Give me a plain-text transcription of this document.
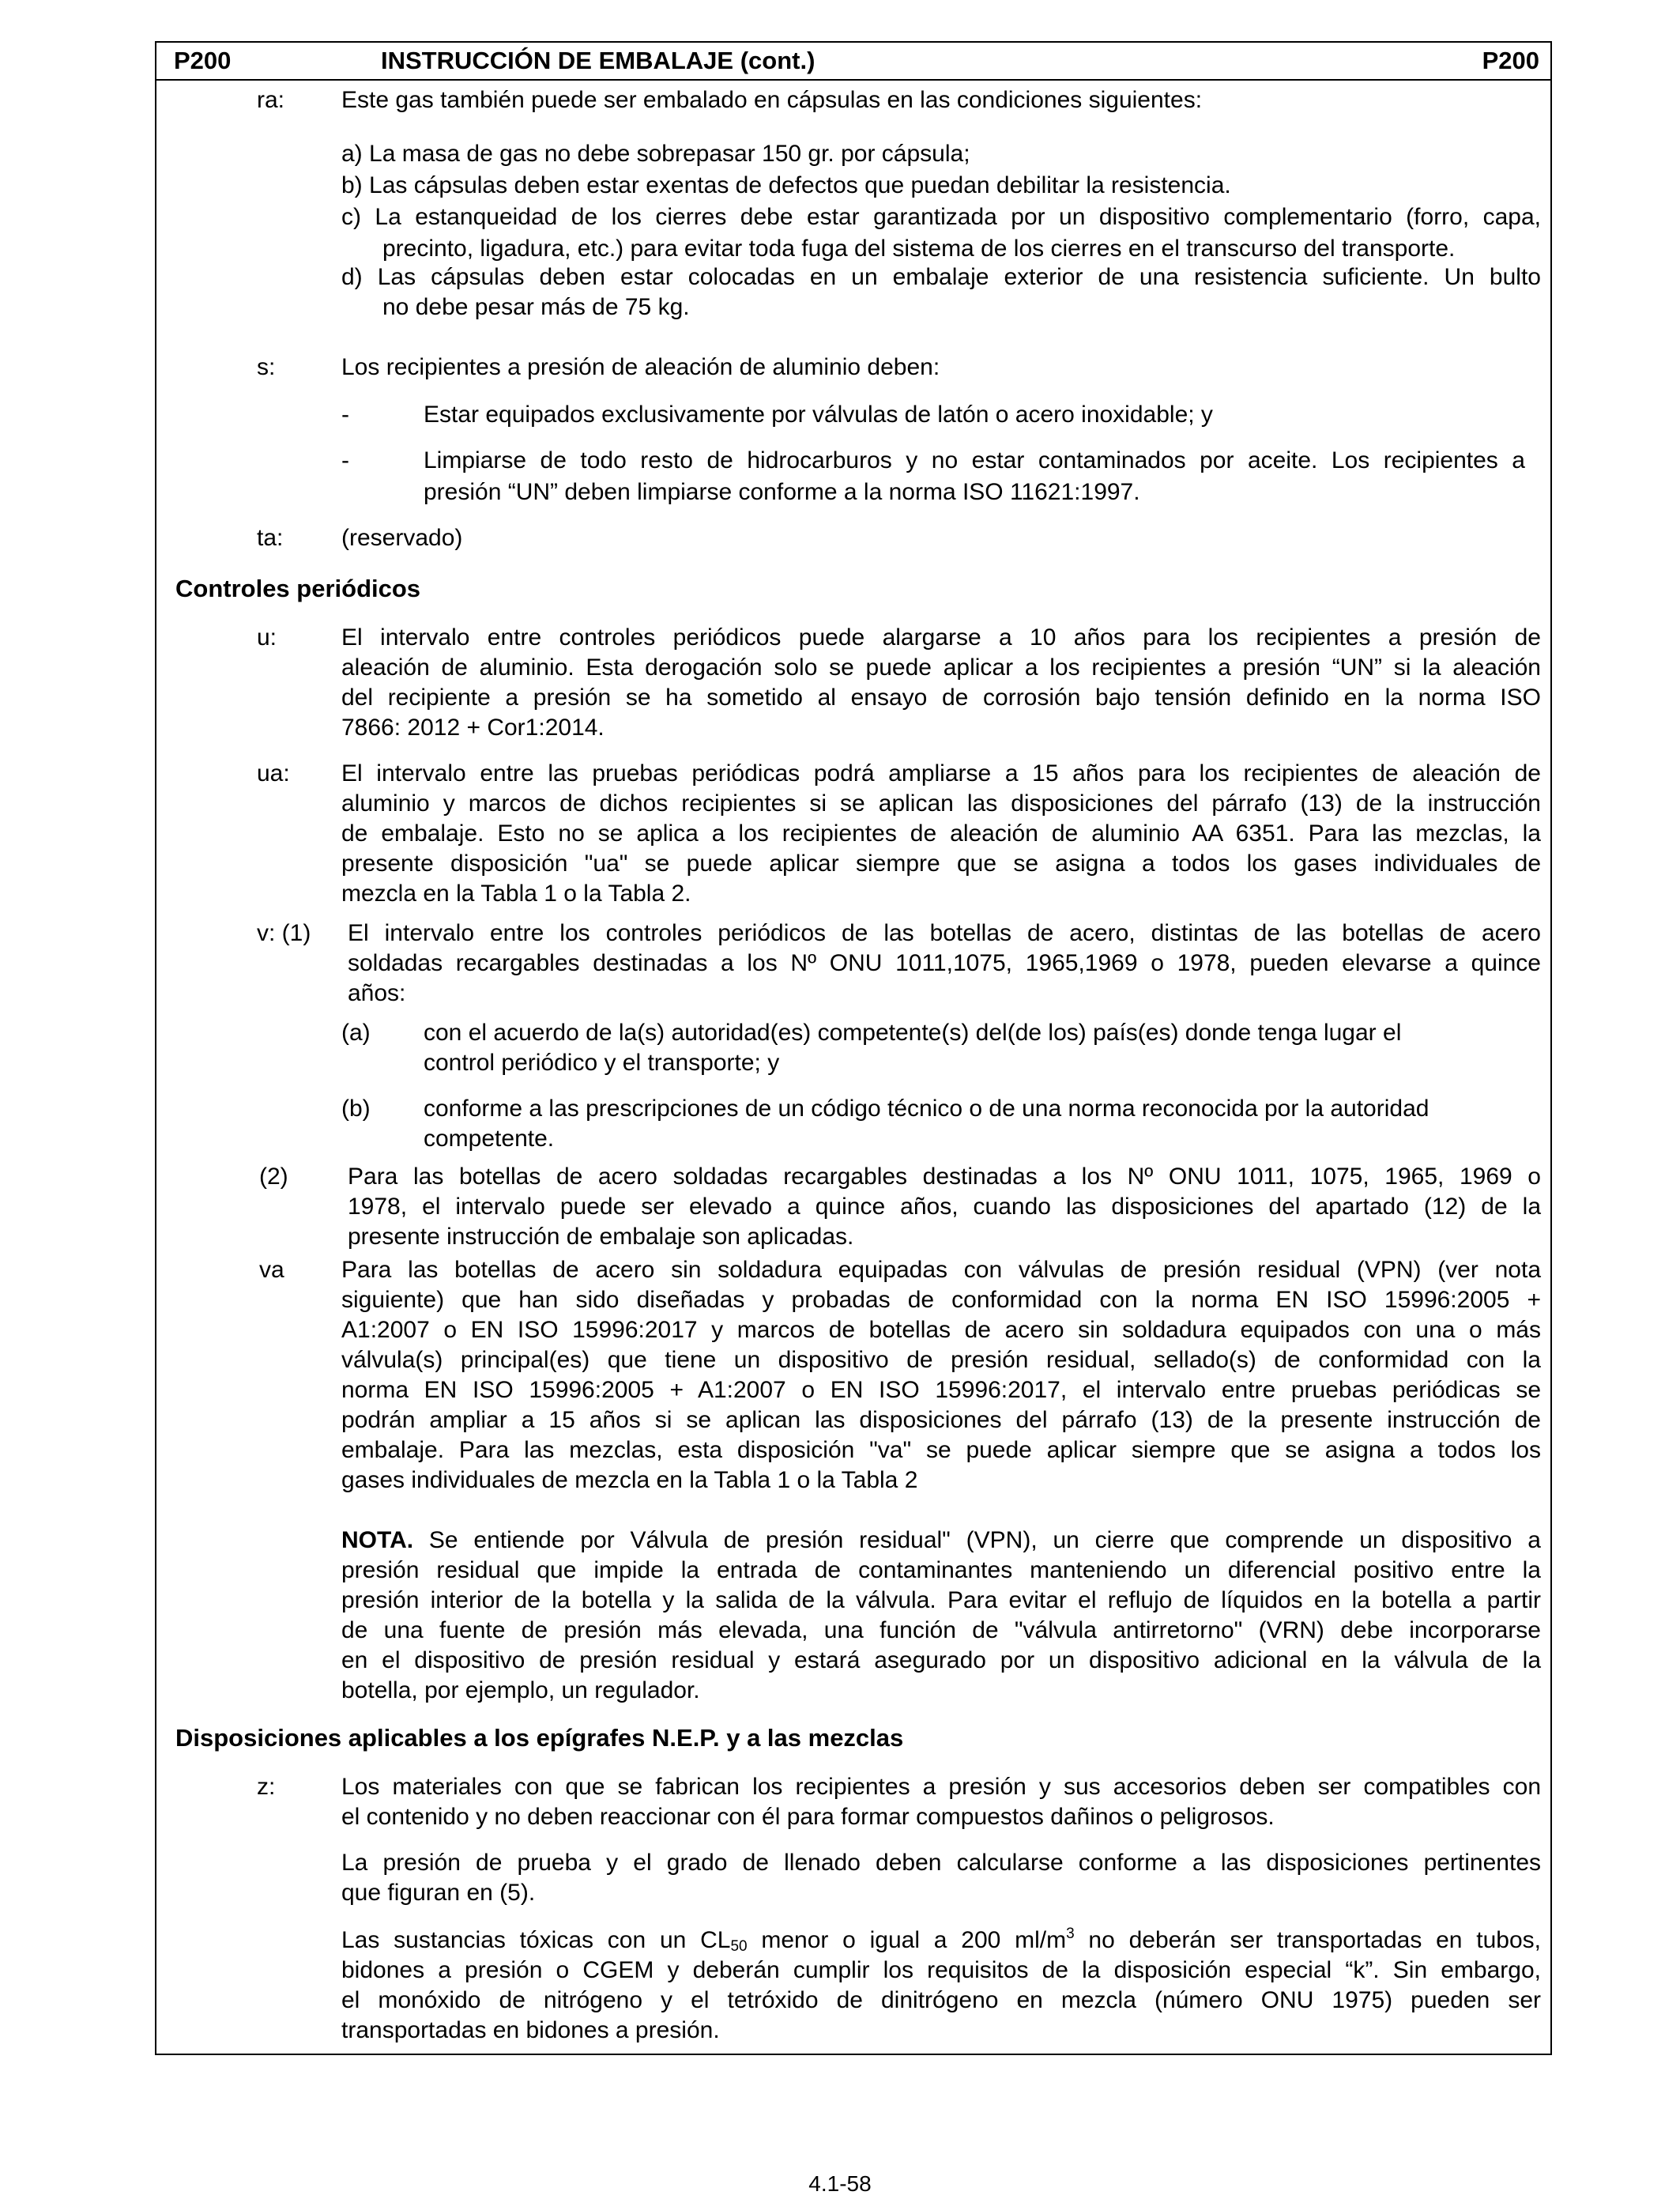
P200	INSTRUCCIÓN DE EMBALAJE (cont.)	P200
ra: Este gas también puede ser embalado en cápsulas en las condiciones siguientes:
a) La masa de gas no debe sobrepasar 150 gr. por cápsula;
b) Las cápsulas deben estar exentas de defectos que puedan debilitar la resistencia.
c) La estanqueidad de los cierres debe estar garantizada por un dispositivo complementario (forro, capa,
precinto, ligadura, etc.) para evitar toda fuga del sistema de los cierres en el transcurso del transporte.
d) Las cápsulas deben estar colocadas en un embalaje exterior de una resistencia suficiente. Un bulto
no debe pesar más de 75 kg.
s:	Los recipientes a presión de aleación de aluminio deben:
-	Estar equipados exclusivamente por válvulas de latón o acero inoxidable; y
-	Limpiarse de todo resto de hidrocarburos y no estar contaminados por aceite. Los recipientes a
presión “UN” deben limpiarse conforme a la norma ISO 11621:1997.
ta: (reservado)
Controles periódicos
u:	El intervalo entre controles periódicos puede alargarse a 10 años para los recipientes a presión de
aleación de aluminio. Esta derogación solo se puede aplicar a los recipientes a presión “UN” si la aleación
del recipiente a presión se ha sometido al ensayo de corrosión bajo tensión definido en la norma ISO
7866: 2012 + Cor1:2014.
ua: El intervalo entre las pruebas periódicas podrá ampliarse a 15 años para los recipientes de aleación de
aluminio y marcos de dichos recipientes si se aplican las disposiciones del párrafo (13) de la instrucción
de embalaje. Esto no se aplica a los recipientes de aleación de aluminio AA 6351. Para las mezclas, la
presente disposición "ua" se puede aplicar siempre que se asigna a todos los gases individuales de
mezcla en la Tabla 1 o la Tabla 2.
v: (1) El intervalo entre los controles periódicos de las botellas de acero, distintas de las botellas de acero
soldadas recargables destinadas a los Nº ONU 1011,1075, 1965,1969 o 1978, pueden elevarse a quince
años:
(a) con el acuerdo de la(s) autoridad(es) competente(s) del(de los) país(es) donde tenga lugar el
control periódico y el transporte; y
(b) conforme a las prescripciones de un código técnico o de una norma reconocida por la autoridad
competente.
(2)	Para las botellas de acero soldadas recargables destinadas a los Nº ONU 1011, 1075, 1965, 1969 o
1978, el intervalo puede ser elevado a quince años, cuando las disposiciones del apartado (12) de la
presente instrucción de embalaje son aplicadas.
va Para las botellas de acero sin soldadura equipadas con válvulas de presión residual (VPN) (ver nota
siguiente) que han sido diseñadas y probadas de conformidad con la norma EN ISO 15996:2005 +
A1:2007 o EN ISO 15996:2017 y marcos de botellas de acero sin soldadura equipados con una o más
válvula(s) principal(es) que tiene un dispositivo de presión residual, sellado(s) de conformidad con la
norma EN ISO 15996:2005 + A1:2007 o EN ISO 15996:2017, el intervalo entre pruebas periódicas se
podrán ampliar a 15 años si se aplican las disposiciones del párrafo (13) de la presente instrucción de
embalaje. Para las mezclas, esta disposición "va" se puede aplicar siempre que se asigna a todos los
gases individuales de mezcla en la Tabla 1 o la Tabla 2
NOTA. Se entiende por Válvula de presión residual" (VPN), un cierre que comprende un dispositivo a
presión residual que impide la entrada de contaminantes manteniendo un diferencial positivo entre la
presión interior de la botella y la salida de la válvula. Para evitar el reflujo de líquidos en la botella a partir
de una fuente de presión más elevada, una función de "válvula antirretorno" (VRN) debe incorporarse
en el dispositivo de presión residual y estará asegurado por un dispositivo adicional en la válvula de la
botella, por ejemplo, un regulador.
Disposiciones aplicables a los epígrafes N.E.P. y a las mezclas
z:	Los materiales con que se fabrican los recipientes a presión y sus accesorios deben ser compatibles con
el contenido y no deben reaccionar con él para formar compuestos dañinos o peligrosos.
La presión de prueba y el grado de llenado deben calcularse conforme a las disposiciones pertinentes
que figuran en (5).
Las sustancias tóxicas con un $CL_{50}$ menor o igual a 200 $ml/m^3$ no deberán ser transportadas en tubos,
bidones a presión o CGEM y deberán cumplir los requisitos de la disposición especial “k”. Sin embargo,
el monóxido de nitrógeno y el tetróxido de dinitrógeno en mezcla (número ONU 1975) pueden ser
transportadas en bidones a presión.
4.1-58
